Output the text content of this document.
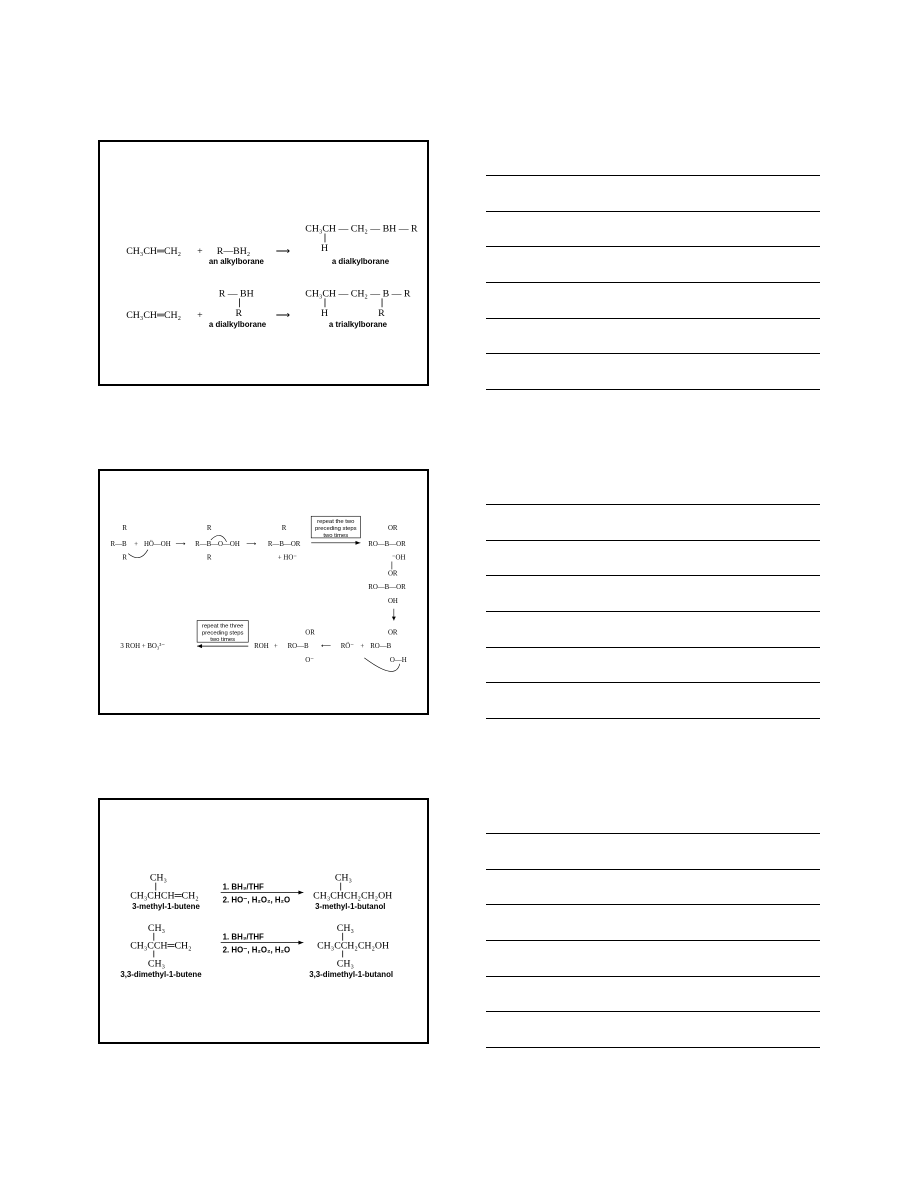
CH₃CH═CH₂ + R—BH₂
an alkylborane
⟶
CH₃CH — CH₂ — BH — R
H
a dialkylborane
R — BH
R
CH₃CH═CH₂ +
a dialkylborane
⟶
CH₃CH — CH₂ — B — R
H	R
a trialkylborane
R
R—B
R
+ HÖ—OH ⟶
R
R—B—O—OH
R
⟶
R
R—B—OR
+ HO⁻
repeat the two
preceding steps
two times
OR
RO—B—OR
⁻OH
OR
RO—B—OR
OH
OR
RO—B
O—H
RÖ⁻ +
⟵
OR
RO—B
O⁻
+
ROH
repeat the three
preceding steps
two times
3 ROH + BO₃³⁻
CH₃
CH₃CHCH═CH₂
3-methyl-1-butene
1. BH₃/THF
2. HO⁻, H₂O₂, H₂O
CH₃
CH₃CHCH₂CH₂OH
3-methyl-1-butanol
CH₃
CH₃CCH═CH₂
CH₃
3,3-dimethyl-1-butene
1. BH₃/THF
2. HO⁻, H₂O₂, H₂O
CH₃
CH₃CCH₂CH₂OH
CH₃
3,3-dimethyl-1-butanol
